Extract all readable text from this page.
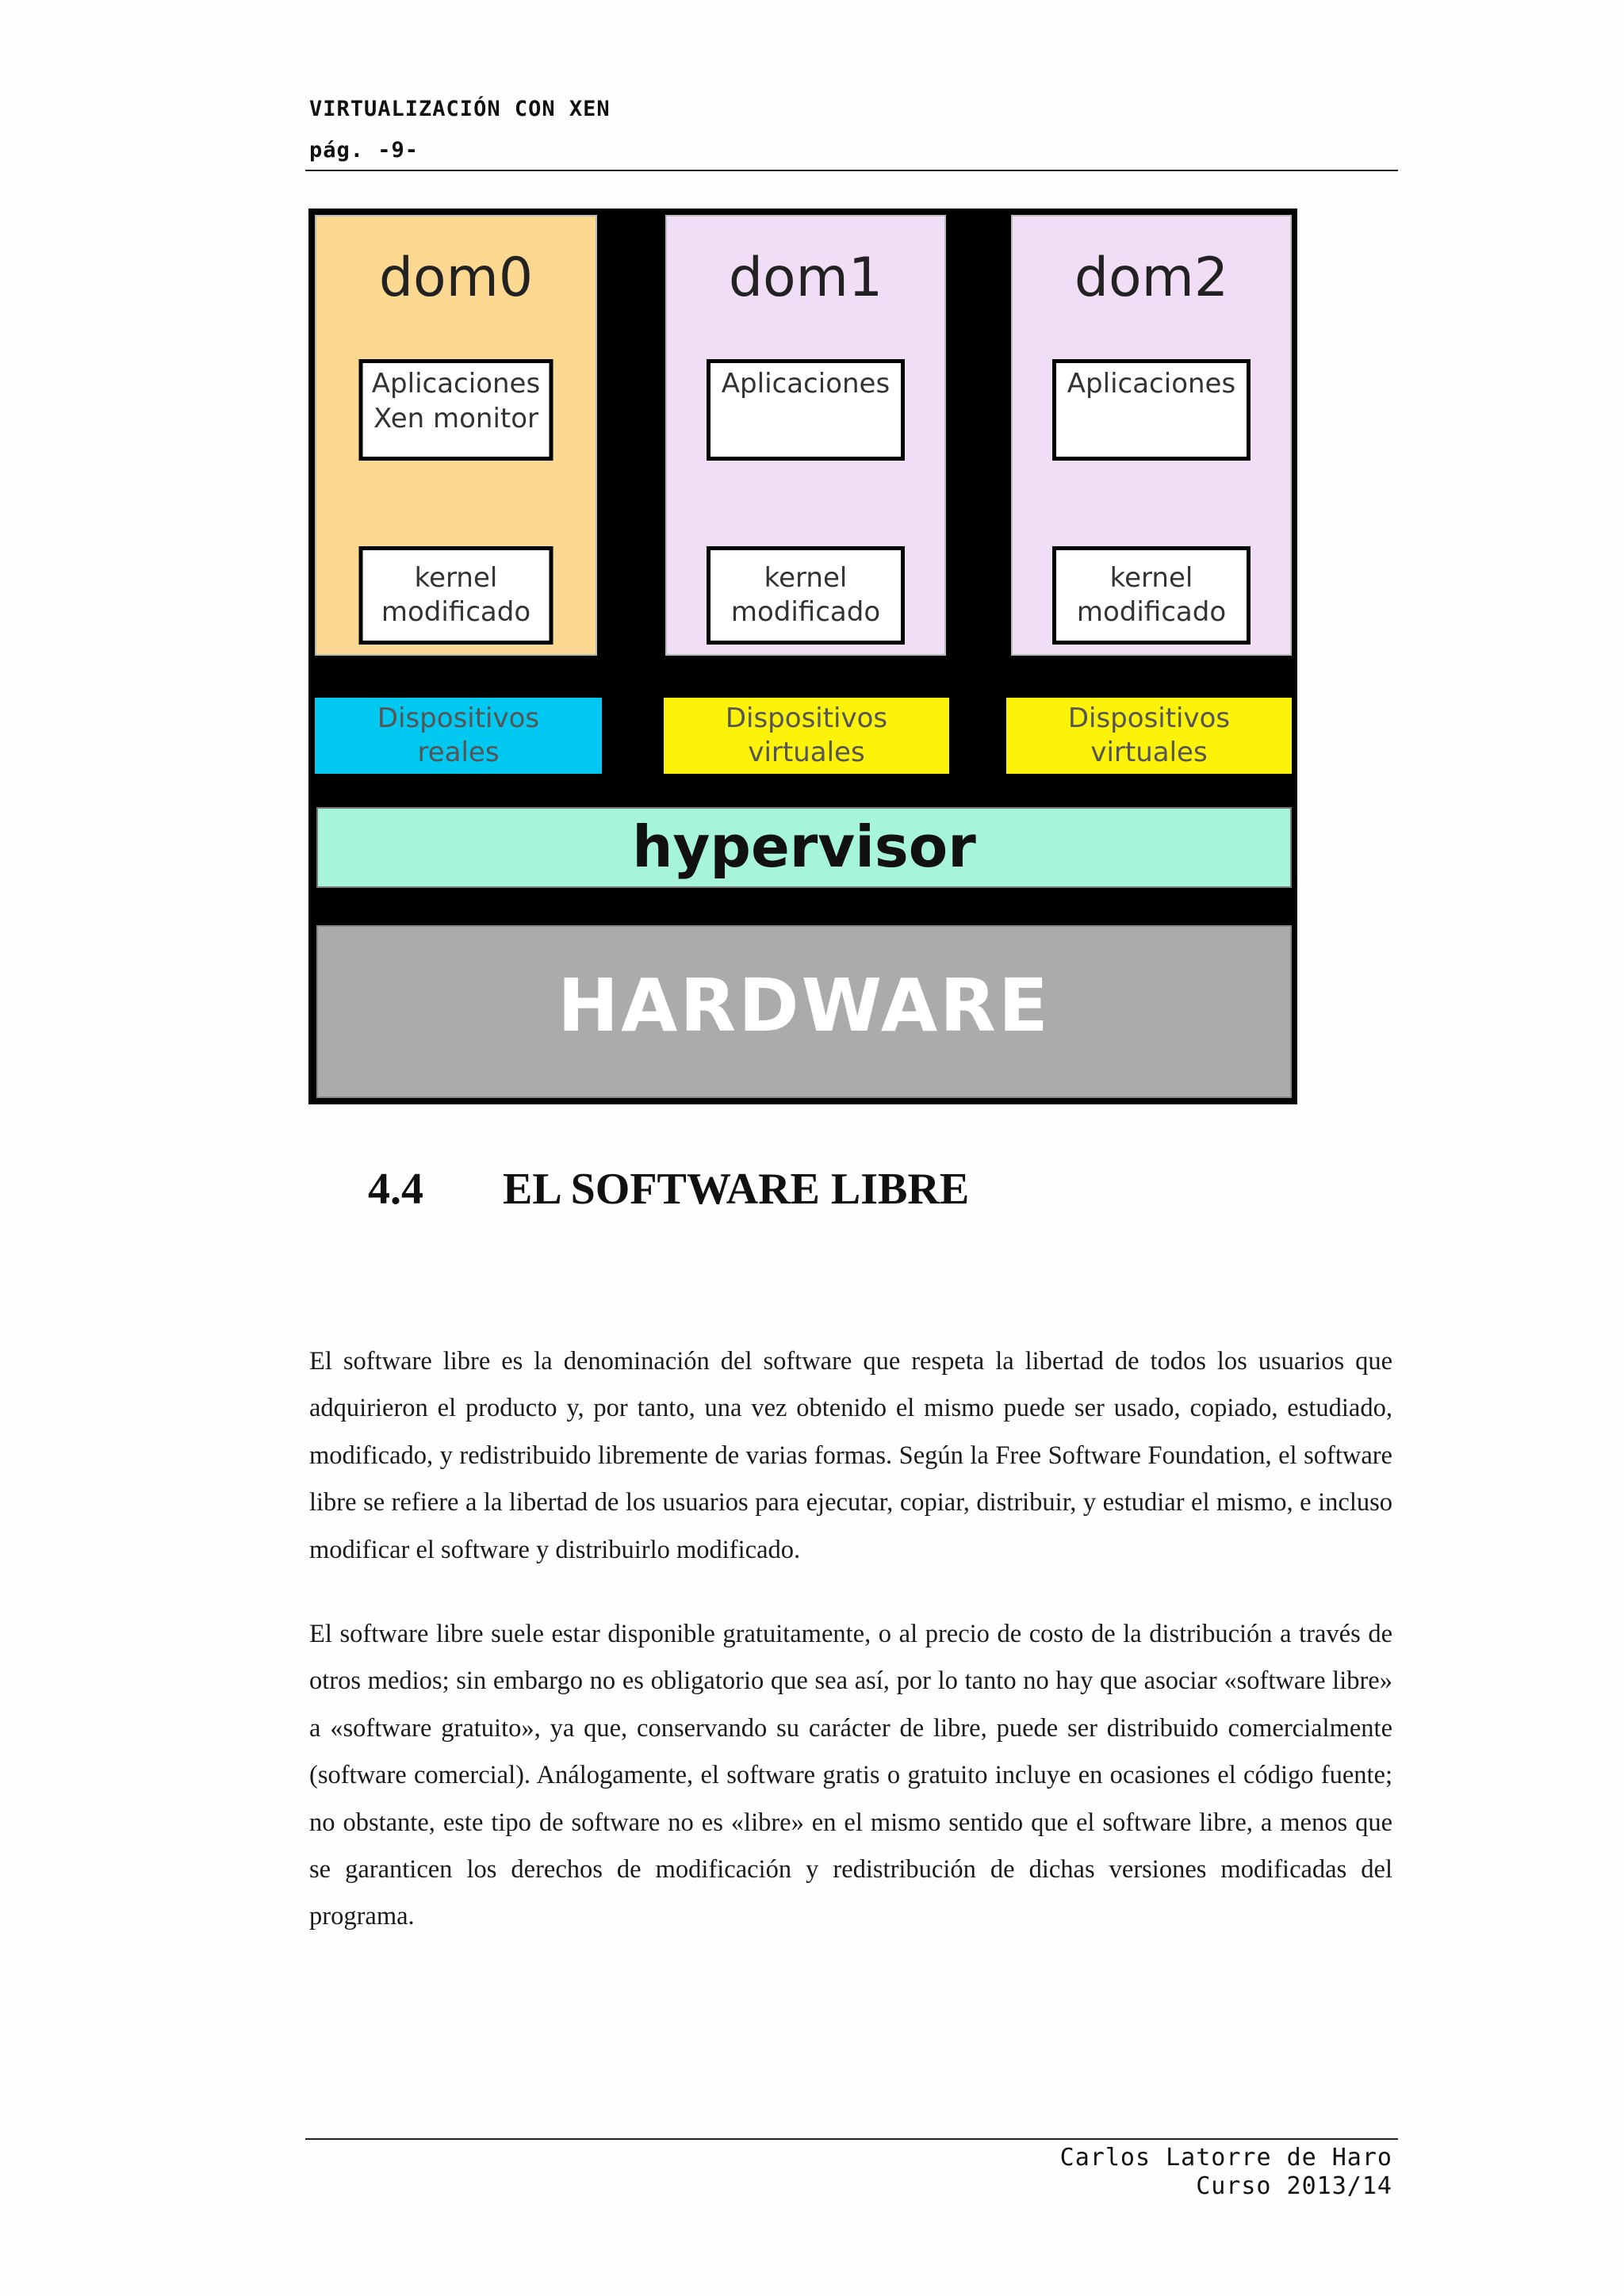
VIRTUALIZACIÓN CON XEN
pág. -9-
dom0
Aplicaciones
Xen monitor
kernel
modificado
dom1
Aplicaciones
kernel
modificado
dom2
Aplicaciones
kernel
modificado
Dispositivos
reales
Dispositivos
virtuales
Dispositivos
virtuales
hypervisor
HARDWARE
4.4 EL SOFTWARE LIBRE

El software libre es la denominación del software que respeta la libertad de todos los usuarios que adquirieron el producto y, por tanto, una vez obtenido el mismo puede ser usado, copiado, estudiado, modificado, y redistribuido libremente de varias formas. Según la Free Software Foundation, el software libre se refiere a la libertad de los usuarios para ejecutar, copiar, distribuir, y estudiar el mismo, e incluso modificar el software y distribuirlo modificado.

El software libre suele estar disponible gratuitamente, o al precio de costo de la distribución a través de otros medios; sin embargo no es obligatorio que sea así, por lo tanto no hay que asociar «software libre» a «software gratuito», ya que, conservando su carácter de libre, puede ser distribuido comercialmente (software comercial). Análogamente, el software gratis o gratuito incluye en ocasiones el código fuente; no obstante, este tipo de software no es «libre» en el mismo sentido que el software libre, a menos que se garanticen los derechos de modificación y redistribución de dichas versiones modificadas del programa.

Carlos Latorre de Haro
Curso 2013/14
